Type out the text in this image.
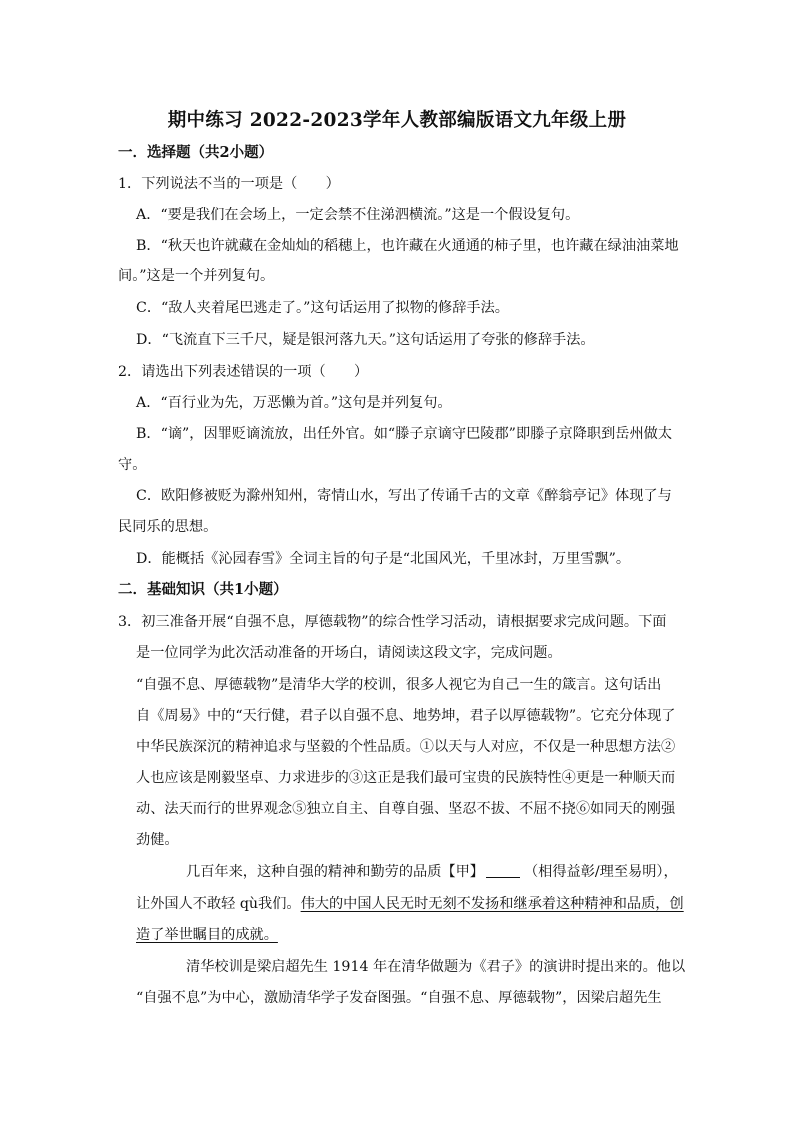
期中练习 2022-2023学年人教部编版语文九年级上册
一．选择题（共2小题）
1．下列说法不当的一项是（　　）
A．“要是我们在会场上，一定会禁不住涕泗横流。”这是一个假设复句。
B．“秋天也许就藏在金灿灿的稻穗上，也许藏在火通通的柿子里，也许藏在绿油油菜地
间。”这是一个并列复句。
C．“敌人夹着尾巴逃走了。”这句话运用了拟物的修辞手法。
D．“飞流直下三千尺，疑是银河落九天。”这句话运用了夸张的修辞手法。
2．请选出下列表述错误的一项（　　）
A．“百行业为先，万恶懒为首。”这句是并列复句。
B．“谪”，因罪贬谪流放，出任外官。如“滕子京谪守巴陵郡”即滕子京降职到岳州做太
守。
C．欧阳修被贬为滁州知州，寄情山水，写出了传诵千古的文章《醉翁亭记》体现了与
民同乐的思想。
D．能概括《沁园春雪》全词主旨的句子是“北国风光，千里冰封，万里雪飘”。
二．基础知识（共1小题）
3．初三准备开展“自强不息，厚德载物”的综合性学习活动，请根据要求完成问题。下面
是一位同学为此次活动准备的开场白，请阅读这段文字，完成问题。
“自强不息、厚德载物”是清华大学的校训，很多人视它为自己一生的箴言。这句话出
自《周易》中的“天行健，君子以自强不息、地势坤，君子以厚德载物”。它充分体现了
中华民族深沉的精神追求与坚毅的个性品质。①以天与人对应，不仅是一种思想方法②
人也应该是刚毅坚卓、力求进步的③这正是我们最可宝贵的民族特性④更是一种顺天而
动、法天而行的世界观念⑤独立自主、自尊自强、坚忍不拔、不屈不挠⑥如同天的刚强
劲健。
几百年来，这种自强的精神和勤劳的品质【甲】	（相得益彰/理至易明），
让外国人不敢轻 qù我们。伟大的中国人民无时无刻不发扬和继承着这种精神和品质，创
造了举世瞩目的成就。
清华校训是梁启超先生 1914 年在清华做题为《君子》的演讲时提出来的。他以
“自强不息”为中心，激励清华学子发奋图强。“自强不息、厚德载物”，因梁启超先生
